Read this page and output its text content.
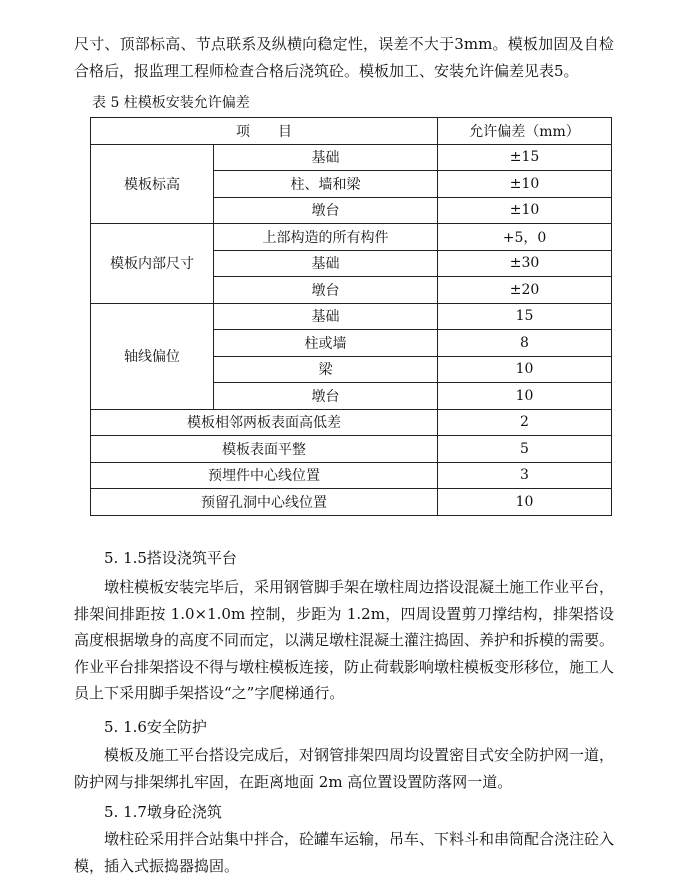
尺寸、顶部标高、节点联系及纵横向稳定性，误差不大于3mm。模板加固及自检合格后，报监理工程师检查合格后浇筑砼。模板加工、安装允许偏差见表5。

表 5 柱模板安装允许偏差

项　　目		允许偏差（mm）
模板标高	基础	±15
	柱、墙和梁	±10
	墩台	±10
模板内部尺寸	上部构造的所有构件	+5，0
	基础	±30
	墩台	±20
轴线偏位	基础	15
	柱或墙	8
	梁	10
	墩台	10
模板相邻两板表面高低差		2
模板表面平整		5
预埋件中心线位置		3
预留孔洞中心线位置		10

5. 1.5搭设浇筑平台

墩柱模板安装完毕后，采用钢管脚手架在墩柱周边搭设混凝土施工作业平台，排架间排距按 1.0×1.0m 控制，步距为 1.2m，四周设置剪刀撑结构，排架搭设高度根据墩身的高度不同而定，以满足墩柱混凝土灌注捣固、养护和拆模的需要。作业平台排架搭设不得与墩柱模板连接，防止荷载影响墩柱模板变形移位，施工人员上下采用脚手架搭设“之”字爬梯通行。

5. 1.6安全防护

模板及施工平台搭设完成后，对钢管排架四周均设置密目式安全防护网一道，防护网与排架绑扎牢固，在距离地面 2m 高位置设置防落网一道。

5. 1.7墩身砼浇筑

墩柱砼采用拌合站集中拌合，砼罐车运输，吊车、下料斗和串筒配合浇注砼入模，插入式振捣器捣固。
